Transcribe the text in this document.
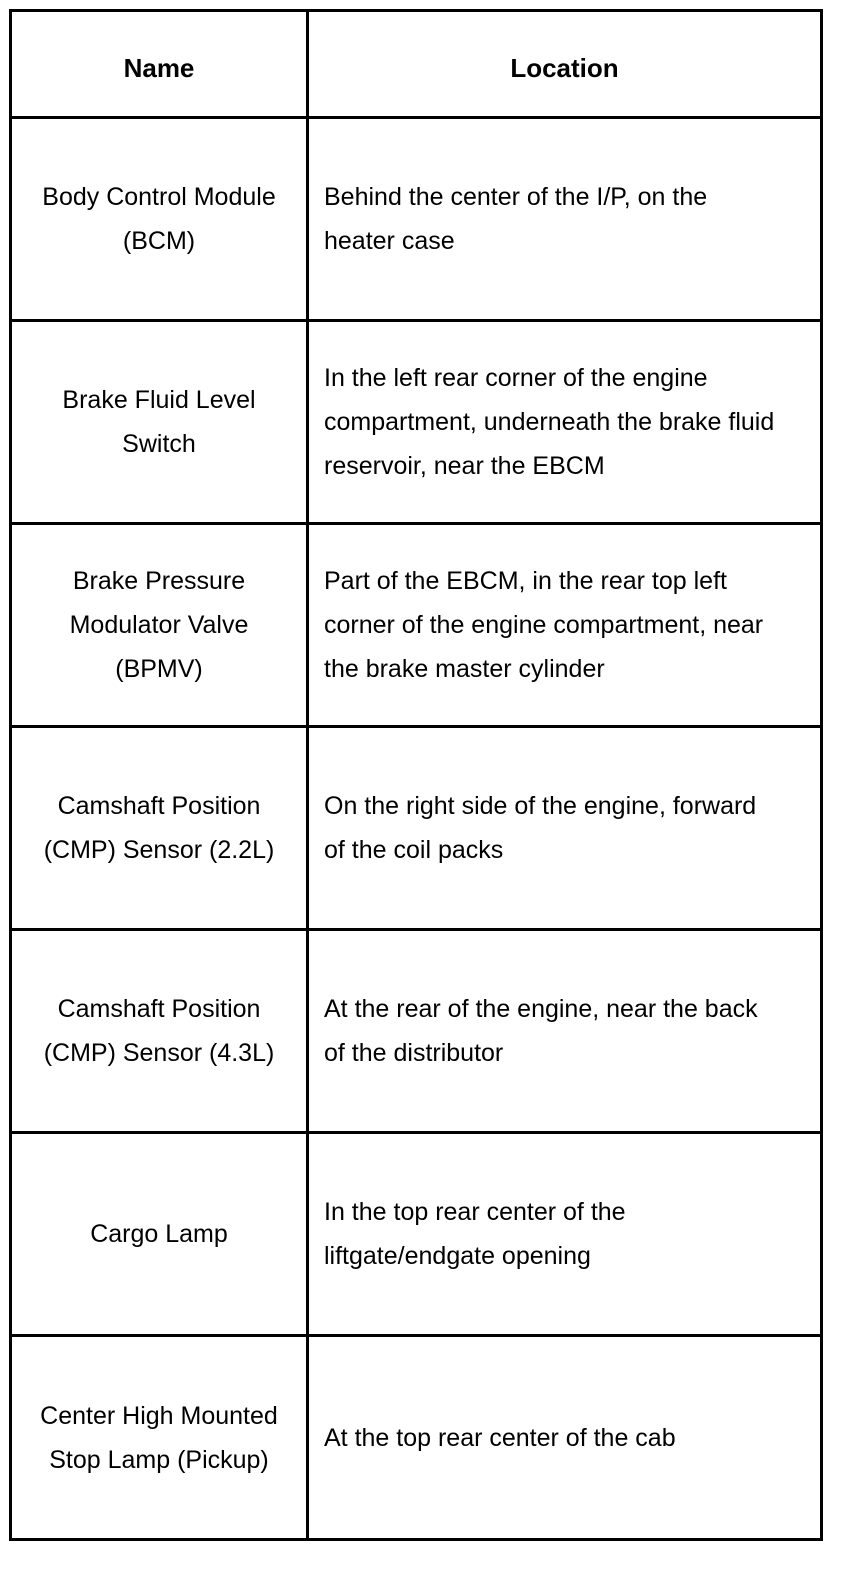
Name	Location
Body Control Module (BCM)	Behind the center of the I/P, on the heater case
Brake Fluid Level Switch	In the left rear corner of the engine compartment, underneath the brake fluid reservoir, near the EBCM
Brake Pressure Modulator Valve (BPMV)	Part of the EBCM, in the rear top left corner of the engine compartment, near the brake master cylinder
Camshaft Position (CMP) Sensor (2.2L)	On the right side of the engine, forward of the coil packs
Camshaft Position (CMP) Sensor (4.3L)	At the rear of the engine, near the back of the distributor
Cargo Lamp	In the top rear center of the liftgate/endgate opening
Center High Mounted Stop Lamp (Pickup)	At the top rear center of the cab
